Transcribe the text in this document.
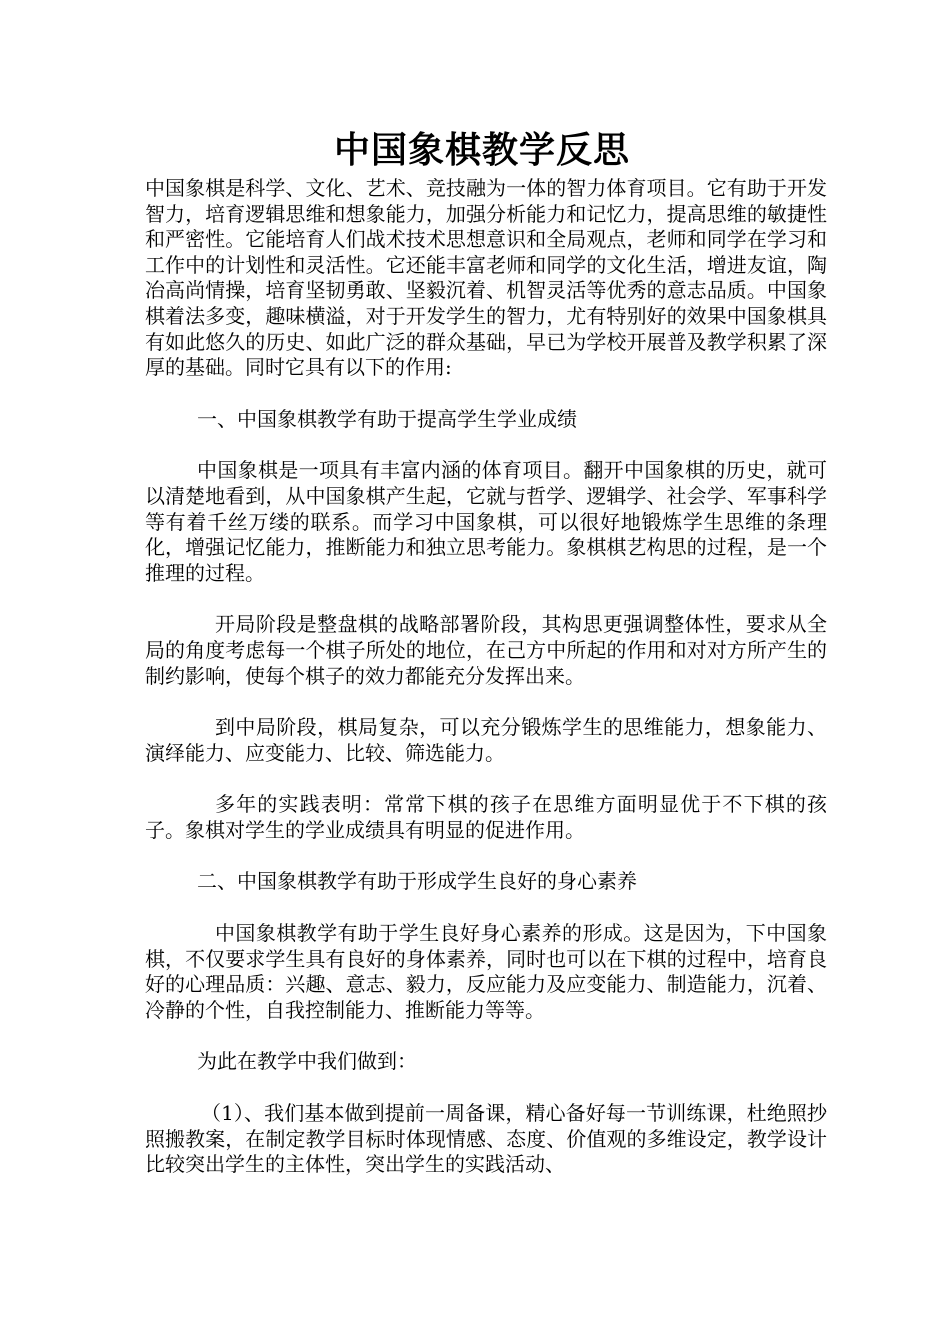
中国象棋教学反思

中国象棋是科学、文化、艺术、竞技融为一体的智力体育项目。它有助于开发智力，培育逻辑思维和想象能力，加强分析能力和记忆力，提高思维的敏捷性和严密性。它能培育人们战术技术思想意识和全局观点，老师和同学在学习和工作中的计划性和灵活性。它还能丰富老师和同学的文化生活，增进友谊，陶冶高尚情操，培育坚韧勇敢、坚毅沉着、机智灵活等优秀的意志品质。中国象棋着法多变，趣味横溢，对于开发学生的智力，尤有特别好的效果中国象棋具有如此悠久的历史、如此广泛的群众基础，早已为学校开展普及教学积累了深厚的基础。同时它具有以下的作用:

一、中国象棋教学有助于提高学生学业成绩

中国象棋是一项具有丰富内涵的体育项目。翻开中国象棋的历史，就可以清楚地看到，从中国象棋产生起，它就与哲学、逻辑学、社会学、军事科学等有着千丝万缕的联系。而学习中国象棋，可以很好地锻炼学生思维的条理化，增强记忆能力，推断能力和独立思考能力。象棋棋艺构思的过程，是一个推理的过程。

开局阶段是整盘棋的战略部署阶段，其构思更强调整体性，要求从全局的角度考虑每一个棋子所处的地位，在己方中所起的作用和对对方所产生的制约影响，使每个棋子的效力都能充分发挥出来。

到中局阶段，棋局复杂，可以充分锻炼学生的思维能力，想象能力、演绎能力、应变能力、比较、筛选能力。

多年的实践表明：常常下棋的孩子在思维方面明显优于不下棋的孩子。象棋对学生的学业成绩具有明显的促进作用。

二、中国象棋教学有助于形成学生良好的身心素养

中国象棋教学有助于学生良好身心素养的形成。这是因为，下中国象棋，不仅要求学生具有良好的身体素养，同时也可以在下棋的过程中，培育良好的心理品质：兴趣、意志、毅力，反应能力及应变能力、制造能力，沉着、冷静的个性，自我控制能力、推断能力等等。

为此在教学中我们做到：

（1）、我们基本做到提前一周备课，精心备好每一节训练课，杜绝照抄照搬教案，在制定教学目标时体现情感、态度、价值观的多维设定，教学设计比较突出学生的主体性，突出学生的实践活动、
